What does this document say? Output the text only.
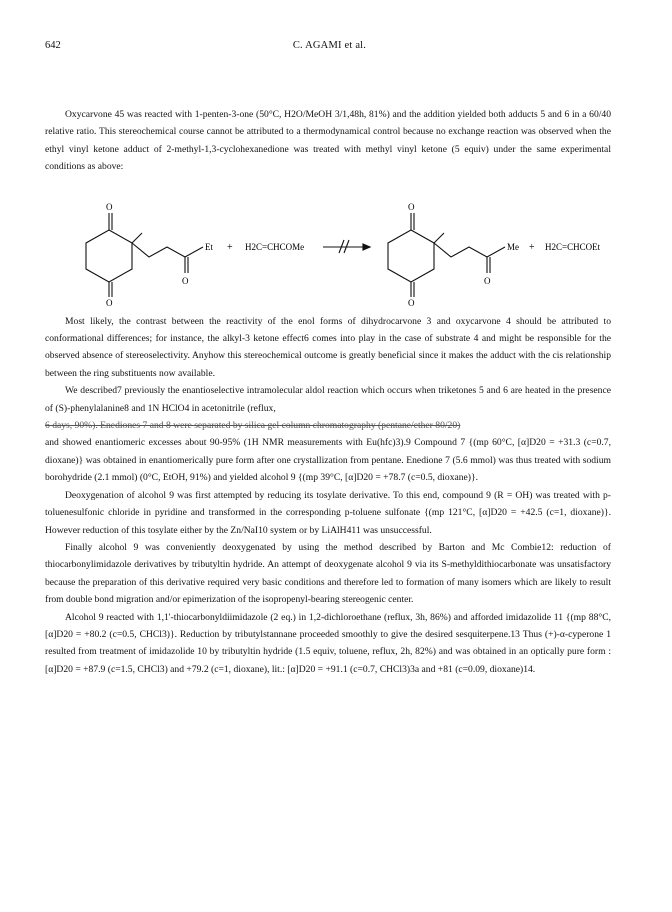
642	C. AGAMI et al.

Oxycarvone 45 was reacted with 1-penten-3-one (50°C, H2O/MeOH 3/1,48h, 81%) and the addition yielded both adducts 5 and 6 in a 60/40 relative ratio. This stereochemical course cannot be attributed to a thermodynamical control because no exchange reaction was observed when the ethyl vinyl ketone adduct of 2-methyl-1,3-cyclohexanedione was treated with methyl vinyl ketone (5 equiv) under the same experimental conditions as above:

O
O
O
Et + H2C=CHCOMe
O
O
O
Me + H2C=CHCOEt

Most likely, the contrast between the reactivity of the enol forms of dihydrocarvone 3 and oxycarvone 4 should be attributed to conformational differences; for instance, the alkyl-3 ketone effect6 comes into play in the case of substrate 4 and might be responsible for the observed absence of stereoselectivity. Anyhow this stereochemical outcome is greatly beneficial since it makes the adduct with the cis relationship between the ring substituents now available.

We described7 previously the enantioselective intramolecular aldol reaction which occurs when triketones 5 and 6 are heated in the presence of (S)-phenylalanine8 and 1N HClO4 in acetonitrile (reflux,

6 days, 90%). Enediones 7 and 8 were separated by silica gel column chromatography (pentane/ether 80/20)

and showed enantiomeric excesses about 90-95% (1H NMR measurements with Eu(hfc)3).9 Compound 7 {(mp 60°C, [α]D20 = +31.3 (c=0.7, dioxane)} was obtained in enantiomerically pure form after one crystallization from pentane. Enedione 7 (5.6 mmol) was thus treated with sodium borohydride (2.1 mmol) (0°C, EtOH, 91%) and yielded alcohol 9 {(mp 39°C, [α]D20 = +78.7 (c=0.5, dioxane)}.

Deoxygenation of alcohol 9 was first attempted by reducing its tosylate derivative. To this end, compound 9 (R = OH) was treated with p-toluenesulfonic chloride in pyridine and transformed in the corresponding p-toluene sulfonate {(mp 121°C, [α]D20 = +42.5 (c=1, dioxane)}. However reduction of this tosylate either by the Zn/NaI10 system or by LiAlH411 was unsuccessful.

Finally alcohol 9 was conveniently deoxygenated by using the method described by Barton and Mc Combie12: reduction of thiocarbonylimidazole derivatives by tributyltin hydride. An attempt of deoxygenate alcohol 9 via its S-methyldithiocarbonate was unsatisfactory because the preparation of this derivative required very basic conditions and therefore led to formation of many isomers which are likely to result from double bond migration and/or epimerization of the isopropenyl-bearing stereogenic center.

Alcohol 9 reacted with 1,1'-thiocarbonyldiimidazole (2 eq.) in 1,2-dichloroethane (reflux, 3h, 86%) and afforded imidazolide 11 {(mp 88°C, [α]D20 = +80.2 (c=0.5, CHCl3)}. Reduction by tributylstannane proceeded smoothly to give the desired sesquiterpene.13 Thus (+)-α-cyperone 1 resulted from treatment of imidazolide 10 by tributyltin hydride (1.5 equiv, toluene, reflux, 2h, 82%) and was obtained in an optically pure form : [α]D20 = +87.9 (c=1.5, CHCl3) and +79.2 (c=1, dioxane), lit.: [α]D20 = +91.1 (c=0.7, CHCl3)3a and +81 (c=0.09, dioxane)14.
